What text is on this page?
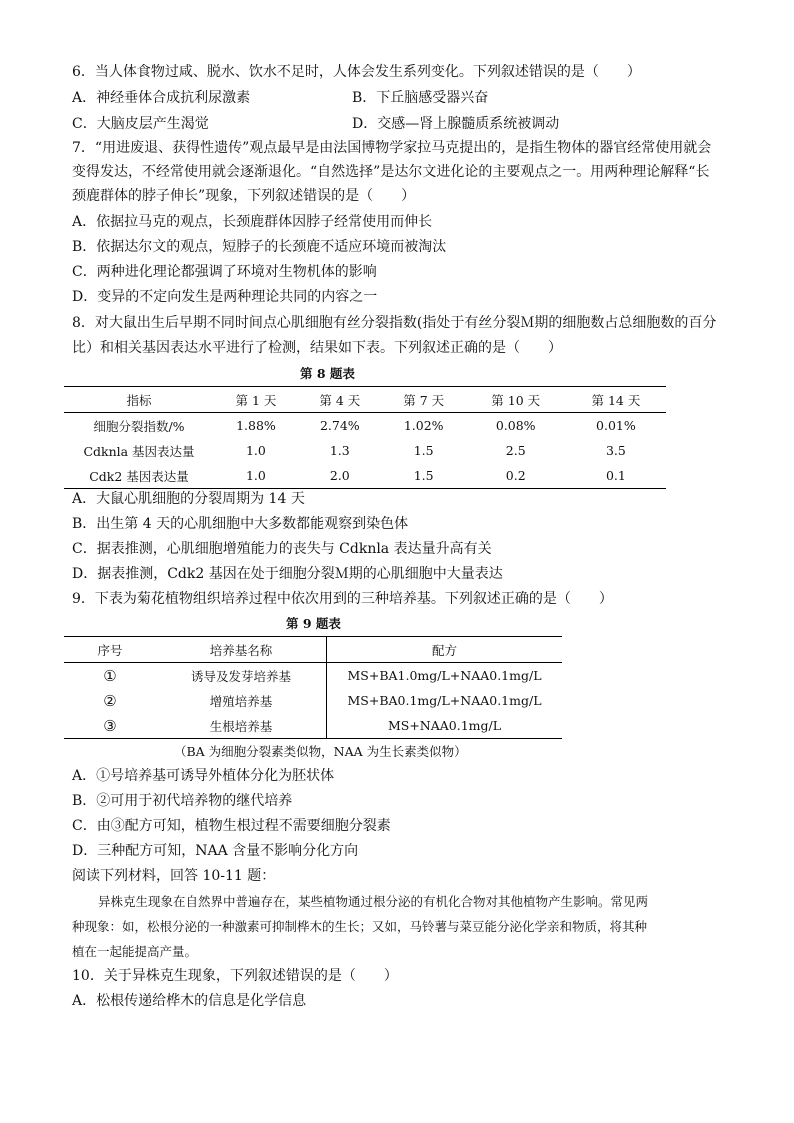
6．当人体食物过咸、脱水、饮水不足时，人体会发生系列变化。下列叙述错误的是（　　）
A．神经垂体合成抗利尿激素	B．下丘脑感受器兴奋
C．大脑皮层产生渴觉	D．交感—肾上腺髓质系统被调动
7．“用进废退、获得性遗传”观点最早是由法国博物学家拉马克提出的，是指生物体的器官经常使用就会
变得发达，不经常使用就会逐渐退化。“自然选择”是达尔文进化论的主要观点之一。用两种理论解释“长
颈鹿群体的脖子伸长”现象，下列叙述错误的是（　　）
A．依据拉马克的观点，长颈鹿群体因脖子经常使用而伸长
B．依据达尔文的观点，短脖子的长颈鹿不适应环境而被淘汰
C．两种进化理论都强调了环境对生物机体的影响
D．变异的不定向发生是两种理论共同的内容之一
8．对大鼠出生后早期不同时间点心肌细胞有丝分裂指数(指处于有丝分裂Ｍ期的细胞数占总细胞数的百分
比）和相关基因表达水平进行了检测，结果如下表。下列叙述正确的是（　　）
第 8 题表
指标	第 1 天	第 4 天	第 7 天	第 10 天	第 14 天
细胞分裂指数/%	1.88%	2.74%	1.02%	0.08%	0.01%
Cdknla 基因表达量	1.0	1.3	1.5	2.5	3.5
Cdk2 基因表达量	1.0	2.0	1.5	0.2	0.1
A．大鼠心肌细胞的分裂周期为 14 天
B．出生第 4 天的心肌细胞中大多数都能观察到染色体
C．据表推测，心肌细胞增殖能力的丧失与 Cdknla 表达量升高有关
D．据表推测，Cdk2 基因在处于细胞分裂Ｍ期的心肌细胞中大量表达
9．下表为菊花植物组织培养过程中依次用到的三种培养基。下列叙述正确的是（　　）
第 9 题表
序号	培养基名称	配方
①	诱导及发芽培养基	MS+BA1.0mg/L+NAA0.1mg/L
②	增殖培养基	MS+BA0.1mg/L+NAA0.1mg/L
③	生根培养基	MS+NAA0.1mg/L
（BA 为细胞分裂素类似物，NAA 为生长素类似物）
A．①号培养基可诱导外植体分化为胚状体
B．②可用于初代培养物的继代培养
C．由③配方可知，植物生根过程不需要细胞分裂素
D．三种配方可知，NAA 含量不影响分化方向
阅读下列材料，回答 10-11 题：
异株克生现象在自然界中普遍存在，某些植物通过根分泌的有机化合物对其他植物产生影响。常见两
种现象：如，松根分泌的一种激素可抑制桦木的生长；又如，马铃薯与菜豆能分泌化学亲和物质，将其种
植在一起能提高产量。
10．关于异株克生现象，下列叙述错误的是（　　）
A．松根传递给桦木的信息是化学信息
